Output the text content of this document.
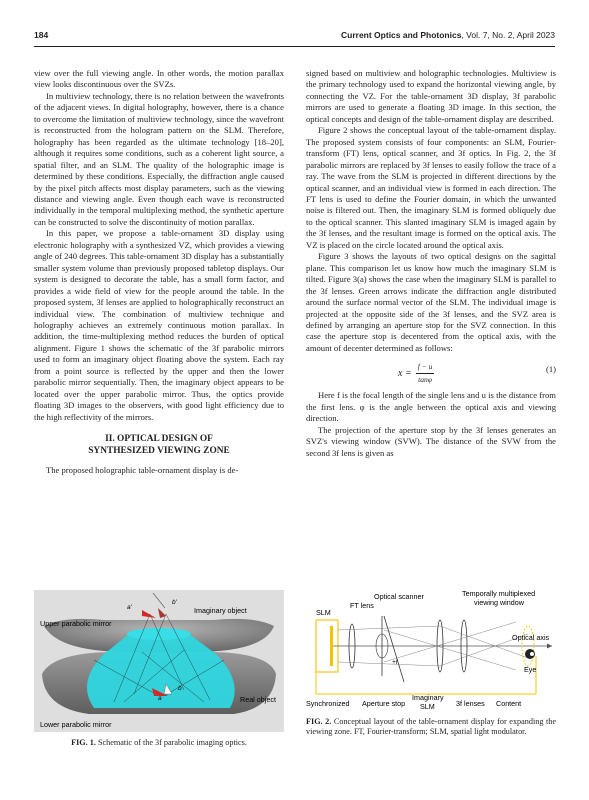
184	Current Optics and Photonics, Vol. 7, No. 2, April 2023

view over the full viewing angle. In other words, the motion parallax view looks discontinuous over the SVZs.

In multiview technology, there is no relation between the wavefronts of the adjacent views. In digital holography, however, there is a chance to overcome the limitation of multiview technology, since the wavefront is reconstructed from the hologram pattern on the SLM. Therefore, holography has been regarded as the ultimate technology [18–20], although it requires some conditions, such as a coherent light source, a spatial filter, and an SLM. The quality of the holographic image is determined by these conditions. Especially, the diffraction angle caused by the pixel pitch affects most display parameters, such as the viewing distance and viewing angle. Even though each wave is reconstructed individually in the temporal multiplexing method, the synthetic aperture can be constructed to solve the discontinuity of motion parallax.

In this paper, we propose a table-ornament 3D display using electronic holography with a synthesized VZ, which provides a viewing angle of 240 degrees. This table-ornament 3D display has a substantially smaller system volume than previously proposed tabletop displays. Our system is designed to decorate the table, has a small form factor, and provides a wide field of view for the people around the table. In the proposed system, 3f lenses are applied to holographically reconstruct an individual view. The combination of multiview technique and holography achieves an extremely continuous motion parallax. In addition, the time-multiplexing method reduces the burden of optical alignment. Figure 1 shows the schematic of the 3f parabolic mirrors used to form an imaginary object floating above the system. Each ray from a point source is reflected by the upper and then the lower parabolic mirror sequentially. Then, the imaginary object appears to be located over the upper parabolic mirror. Thus, the optics provide floating 3D images to the observers, with good light efficiency due to the high reflectivity of the mirrors.

II. OPTICAL DESIGN OF
SYNTHESIZED VIEWING ZONE

The proposed holographic table-ornament display is de-

signed based on multiview and holographic technologies. Multiview is the primary technology used to expand the horizontal viewing angle, by connecting the VZ. For the table-ornament 3D display, 3f parabolic mirrors are used to generate a floating 3D image. In this section, the optical concepts and design of the table-ornament display are described.

Figure 2 shows the conceptual layout of the table-ornament display. The proposed system consists of four components: an SLM, Fourier-transform (FT) lens, optical scanner, and 3f optics. In Fig. 2, the 3f parabolic mirrors are replaced by 3f lenses to easily follow the trace of a ray. The wave from the SLM is projected in different directions by the optical scanner, and an individual view is formed in each direction. The FT lens is used to define the Fourier domain, in which the unwanted noise is filtered out. Then, the imaginary SLM is formed obliquely due to the optical scanner. This slanted imaginary SLM is imaged again by the 3f lenses, and the resultant image is formed on the optical axis. The VZ is placed on the circle located around the optical axis.

Figure 3 shows the layouts of two optical designs on the sagittal plane. This comparison let us know how much the imaginary SLM is tilted. Figure 3(a) shows the case when the imaginary SLM is parallel to the 3f lenses. Green arrows indicate the diffraction angle distributed around the surface normal vector of the SLM. The individual image is projected at the opposite side of the 3f lenses, and the SVZ area is defined by arranging an aperture stop for the SVZ connection. In this case the aperture stop is decentered from the optical axis, with the amount of decenter determined as follows:

$x = \frac{f - u}{\tan\varphi}$	(1)

Here f is the focal length of the single lens and u is the distance from the first lens. φ is the angle between the optical axis and viewing direction.

The projection of the aperture stop by the 3f lenses generates an SVZ's viewing window (SVW). The distance of the SVW from the second 3f lens is given as

a'
b'
a
b
Imaginary object
Upper parabolic mirror
Real object
Lower parabolic mirror
FIG. 1. Schematic of the 3f parabolic imaging optics.
SLM
FT lens
Optical scanner	Temporally multiplexed
viewing window
Optical axis
Eye
+f
Synchronized Aperture stop
Imaginary
SLM	3f lenses Content
FIG. 2. Conceptual layout of the table-ornament display for expanding the viewing zone. FT, Fourier-transform; SLM, spatial light modulator.
